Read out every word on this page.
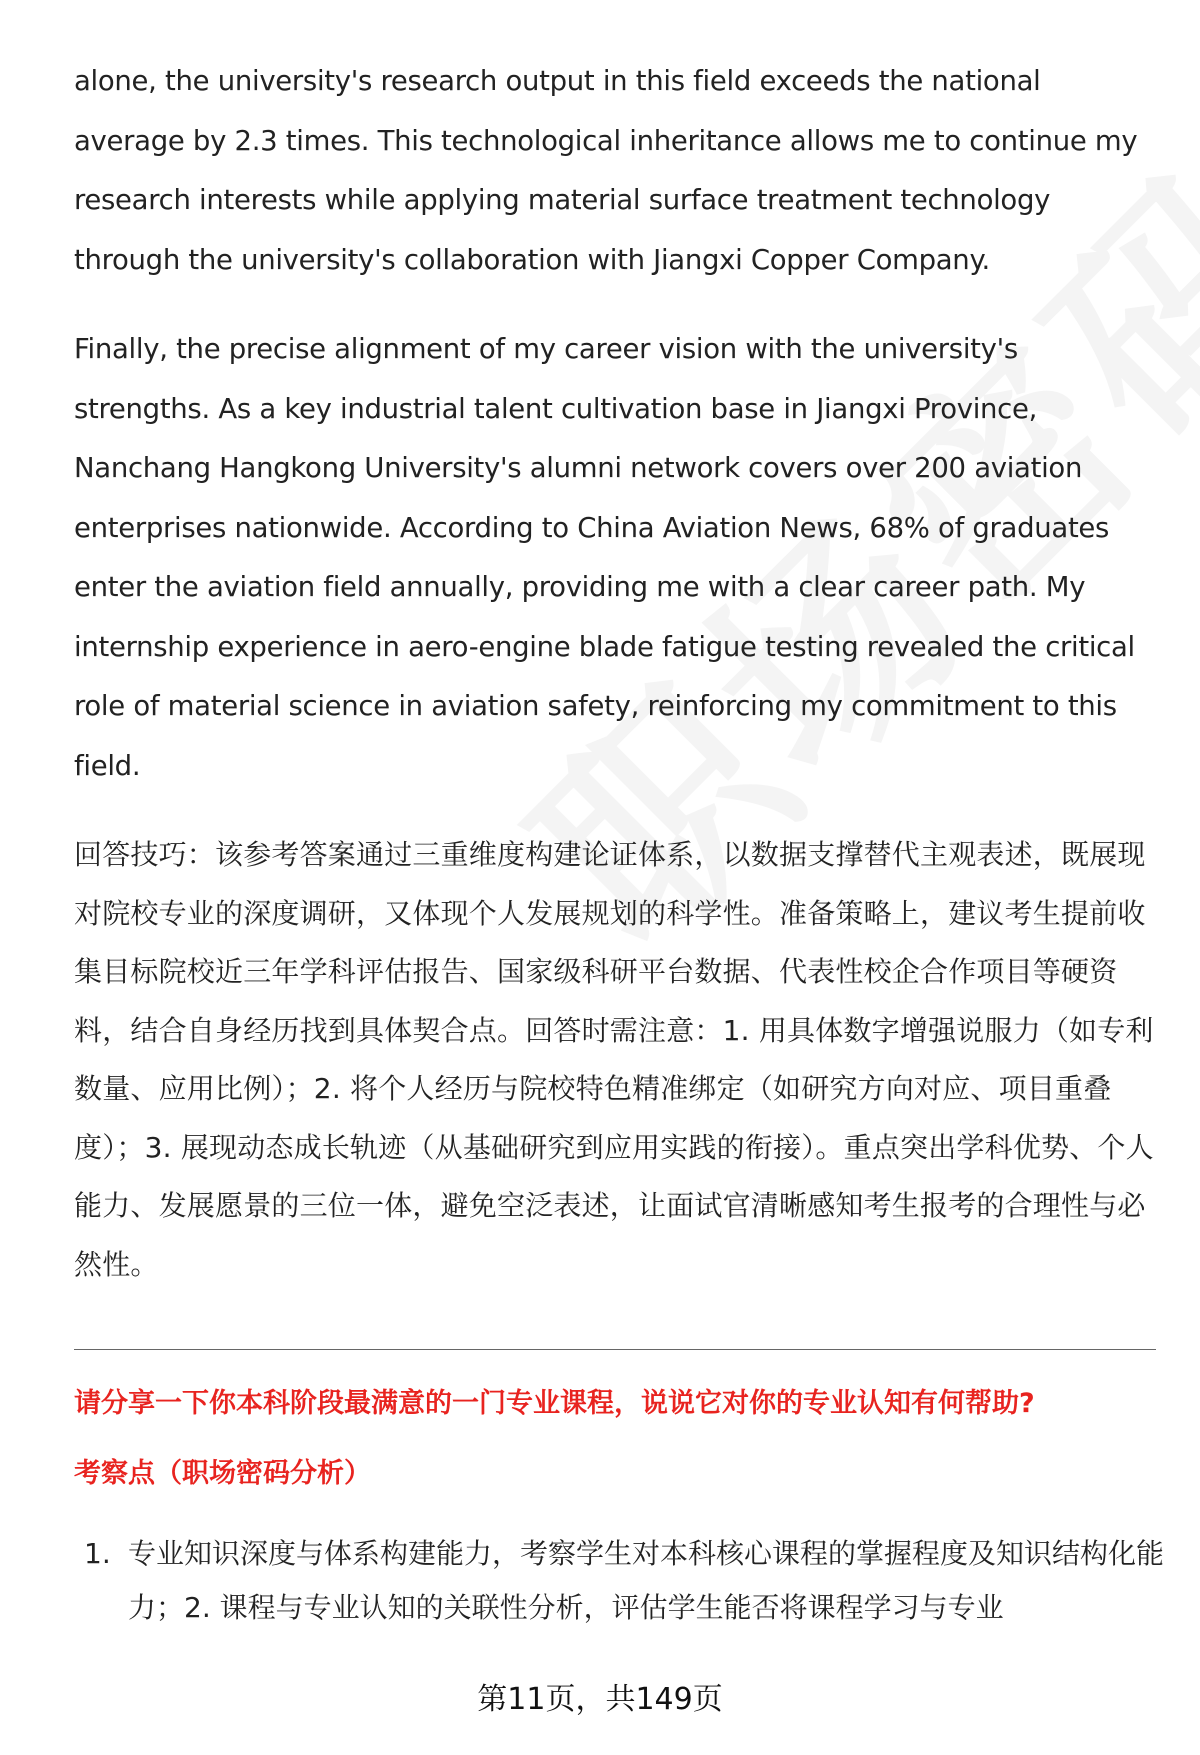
alone, the university's research output in this field exceeds the national average by 2.3 times. This technological inheritance allows me to continue my research interests while applying material surface treatment technology through the university's collaboration with Jiangxi Copper Company.

Finally, the precise alignment of my career vision with the university's strengths. As a key industrial talent cultivation base in Jiangxi Province, Nanchang Hangkong University's alumni network covers over 200 aviation enterprises nationwide. According to China Aviation News, 68% of graduates enter the aviation field annually, providing me with a clear career path. My internship experience in aero-engine blade fatigue testing revealed the critical role of material science in aviation safety, reinforcing my commitment to this field.

回答技巧：该参考答案通过三重维度构建论证体系，以数据支撑替代主观表述，既展现对院校专业的深度调研，又体现个人发展规划的科学性。准备策略上，建议考生提前收集目标院校近三年学科评估报告、国家级科研平台数据、代表性校企合作项目等硬资料，结合自身经历找到具体契合点。回答时需注意：1. 用具体数字增强说服力（如专利数量、应用比例）；2. 将个人经历与院校特色精准绑定（如研究方向对应、项目重叠度）；3. 展现动态成长轨迹（从基础研究到应用实践的衔接）。重点突出学科优势、个人能力、发展愿景的三位一体，避免空泛表述，让面试官清晰感知考生报考的合理性与必然性。

请分享一下你本科阶段最满意的一门专业课程，说说它对你的专业认知有何帮助?
考察点（职场密码分析）
1. 专业知识深度与体系构建能力，考察学生对本科核心课程的掌握程度及知识结构化能力；2. 课程与专业认知的关联性分析，评估学生能否将课程学习与专业
第11页，共149页
